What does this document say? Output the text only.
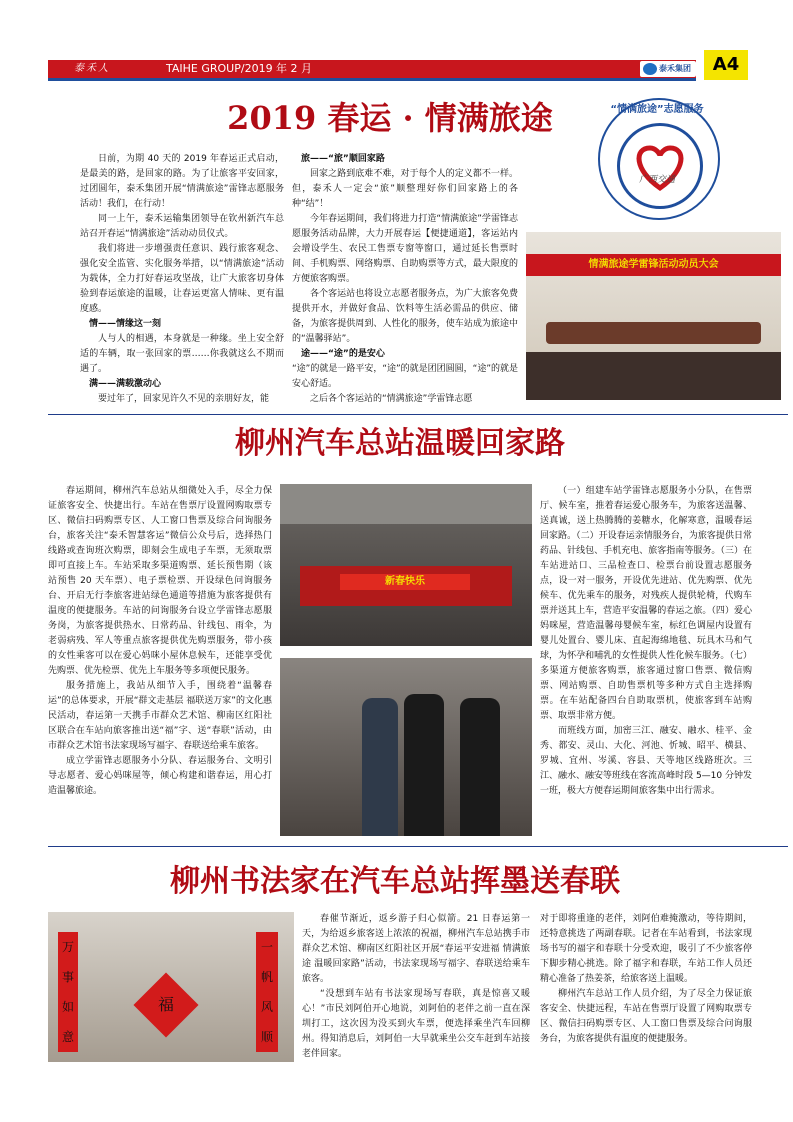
泰禾人	TAIHE GROUP/2019 年 2 月	泰禾集团	A4
2019 春运 · 情满旅途	“情满旅途”志愿服务
广西交通

日前，为期 40 天的 2019 年春运正式启动，是最美的路，是回家的路。为了让旅客平安回家，过团圆年，泰禾集团开展“情满旅途”雷锋志愿服务活动！我们，在行动！

同一上午，泰禾运输集团领导在钦州新汽车总站召开春运“情满旅途”活动动员仪式。

我们将进一步增强责任意识、践行旅客观念、强化安全监管、实化服务举措，以“情满旅途”活动为载体，全力打好春运攻坚战，让广大旅客切身体验到春运旅途的温暖，让春运更富人情味、更有温度感。

情——情缘这一刻

人与人的相遇，本身就是一种缘。坐上安全舒适的车辆，取一张回家的票……你我就这么不期而遇了。

满——满载激动心

要过年了，回家见许久不见的亲朋好友，能

旅——“旅”顺回家路

回家之路到底难不难，对于每个人的定义都不一样。但，泰禾人一定会“旅”顺整理好你们回家路上的各种“结”！

今年春运期间，我们将进力打造“情满旅途”学雷锋志愿服务活动品牌，大力开展春运【便捷通道】，客运站内会增设学生、农民工售票专窗等窗口，通过延长售票时间、手机购票、网络购票、自助购票等方式，最大限度的方便旅客购票。

各个客运站也将设立志愿者服务点，为广大旅客免费提供开水，并做好食品、饮料等生活必需品的供应、储备，为旅客提供周到、人性化的服务，使车站成为旅途中的“温馨驿站”。

途——“途”的是安心

“途”的就是一路平安，“途”的就是团团圆圆，“途”的就是安心舒适。

之后各个客运站的“情满旅途”学雷锋志愿

情满旅途学雷锋活动动员大会
柳州汽车总站温暖回家路

春运期间，柳州汽车总站从细微处入手，尽全力保证旅客安全、快捷出行。车站在售票厅设置网购取票专区、微信扫码购票专区、人工窗口售票及综合问询服务台，旅客关注“泰禾智慧客运”微信公众号后，选择热门线路或查询班次购票，即刻会生成电子车票，无须取票即可直接上车。车站采取多渠道购票、延长预售期（该站预售 20 天车票）、电子票检票、开设绿色问询服务台、开启无行李旅客进站绿色通道等措施为旅客提供有温度的便捷服务。车站的问询服务台设立学雷锋志愿服务岗，为旅客提供热水、日常药品、针线包、雨伞，为老弱病残、军人等重点旅客提供优先购票服务，带小孩的女性乘客可以在爱心妈咪小屋休息候车，还能享受优先购票、优先检票、优先上车服务等多项便民服务。

服务措施上，我站从细节入手，围绕着“温馨春运”的总体要求，开展“群文走基层 福联送万家”的文化惠民活动，春运第一天携手市群众艺术馆、柳南区红阳社区联合在车站向旅客推出送“福”字、送“春联”活动，由市群众艺术馆书法家现场写福字、春联送给乘车旅客。

成立学雷锋志愿服务小分队、春运服务台、文明引导志愿者、爱心妈咪屋等，倾心构建和谐春运，用心打造温馨旅途。

新春快乐

（一）组建车站学雷锋志愿服务小分队，在售票厅、候车室，推着春运爱心服务车，为旅客送温馨、送真诚，送上热腾腾的姜糖水，化解寒意，温暖春运回家路。（二）开设春运亲情服务台，为旅客提供日常药品、针线包、手机充电、旅客指南等服务。（三）在车站进站口、三品检查口、检票台前设置志愿服务点，设一对一服务，开设优先进站、优先购票、优先候车、优先乘车的服务，对残疾人提供轮椅，代购车票并送其上车，营造平安温馨的春运之旅。（四）爱心妈咪屋，营造温馨母婴候车室，标红色调屋内设置有婴儿处置台、婴儿床、直起海绵地毯、玩具木马和气球，为怀孕和哺乳的女性提供人性化候车服务。（七）多渠道方便旅客购票，旅客通过窗口售票、微信购票、网站购票、自助售票机等多种方式自主选择购票。在车站配备四台自助取票机，使旅客到车站购票、取票非常方便。

而班线方面，加密三江、融安、融水、桂平、金秀、都安、灵山、大化、河池、忻城、昭平、横县、罗城、宜州、岑溪、容县、天等地区线路班次。三江、融水、融安等班线在客流高峰时段 5—10 分钟发一班，极大方便春运期间旅客集中出行需求。

柳州书法家在汽车总站挥墨送春联
万
事
如
意
福
一
帆
风
顺

春催节渐近，返乡游子归心似箭。21 日春运第一天，为给返乡旅客送上浓浓的祝福，柳州汽车总站携手市群众艺术馆、柳南区红阳社区开展“春运平安进福 情满旅途 温暖回家路”活动，书法家现场写福字、春联送给乘车旅客。

“没想到车站有书法家现场写春联，真是惊喜又暖心！”市民刘阿伯开心地说，刘阿伯的老伴之前一直在深圳打工，这次因为没买到火车票，便选择乘坐汽车回柳州。得知消息后，刘阿伯一大早就乘坐公交车赶到车站接老伴回家。

对于即将重逢的老伴，刘阿伯难掩激动，等待期间，还特意挑选了两副春联。记者在车站看到，书法家现场书写的福字和春联十分受欢迎，吸引了不少旅客停下脚步精心挑选。除了福字和春联，车站工作人员还精心准备了热姜茶，给旅客送上温暖。

柳州汽车总站工作人员介绍，为了尽全力保证旅客安全、快捷远程，车站在售票厅设置了网购取票专区、微信扫码购票专区、人工窗口售票及综合问询服务台，为旅客提供有温度的便捷服务。
